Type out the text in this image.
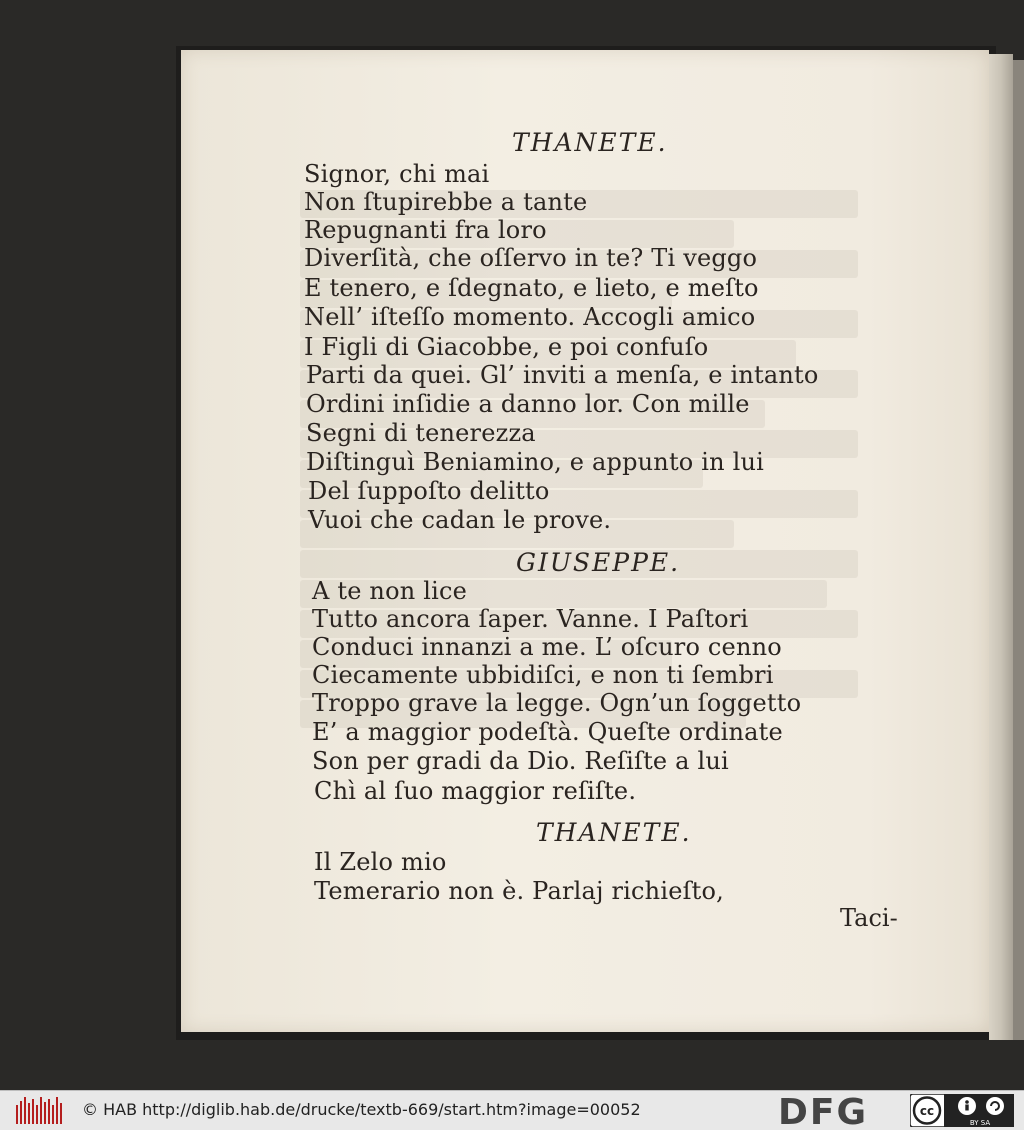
THANETE.
Signor, chi mai
Non ſtupirebbe a tante
Repugnanti fra loro
Diverſità, che oſſervo in te? Ti veggo
E tenero, e ſdegnato, e lieto, e meſto
Nell’ iſteſſo momento. Accogli amico
I Figli di Giacobbe, e poi confuſo
Parti da quei. Gl’ inviti a menſa, e intanto
Ordini inſidie a danno lor. Con mille
Segni di tenerezza
Diſtinguì Beniamino, e appunto in lui
Del ſuppoſto delitto
Vuoi che cadan le prove.
GIUSEPPE.
A te non lice
Tutto ancora ſaper. Vanne. I Paſtori
Conduci innanzi a me. L’ oſcuro cenno
Ciecamente ubbidiſci, e non ti ſembri
Troppo grave la legge. Ogn’un ſoggetto
E’ a maggior podeſtà. Queſte ordinate
Son per gradi da Dio. Reſiſte a lui
Chì al ſuo maggior reſiſte.
THANETE.
Il Zelo mio
Temerario non è. Parlaj richieſto,
Taci-
© HAB http://diglib.hab.de/drucke/textb-669/start.htm?image=00052	DFG	cc
BY SA
